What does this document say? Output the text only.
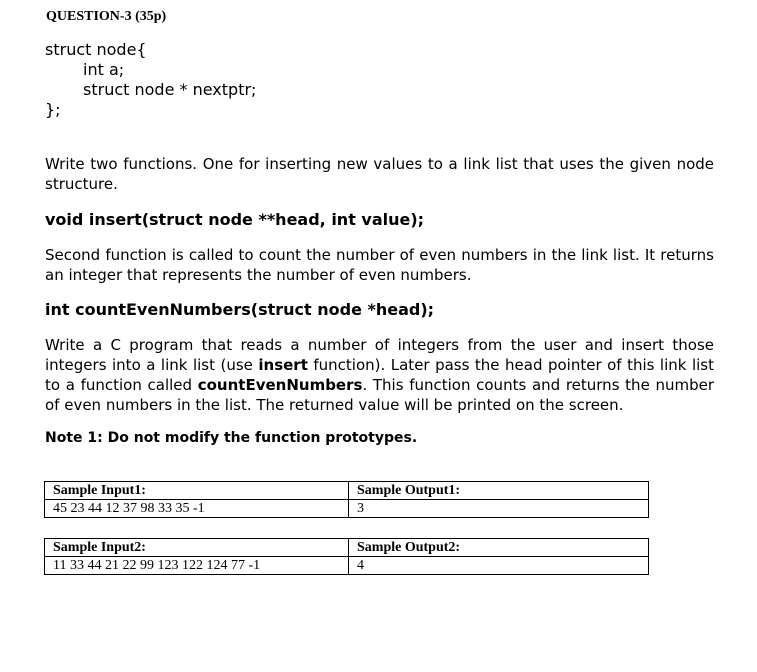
QUESTION-3 (35p)
struct node{
int a;
struct node * nextptr;
};

Write two functions. One for inserting new values to a link list that uses the given node structure.

void insert(struct node **head, int value);

Second function is called to count the number of even numbers in the link list. It returns an integer that represents the number of even numbers.

int countEvenNumbers(struct node *head);

Write a C program that reads a number of integers from the user and insert those integers into a link list (use insert function). Later pass the head pointer of this link list to a function called countEvenNumbers. This function counts and returns the number of even numbers in the list. The returned value will be printed on the screen.

Note 1: Do not modify the function prototypes.
Sample Input1:	Sample Output1:
45 23 44 12 37 98 33 35 -1	3
Sample Input2:	Sample Output2:
11 33 44 21 22 99 123 122 124 77 -1	4
